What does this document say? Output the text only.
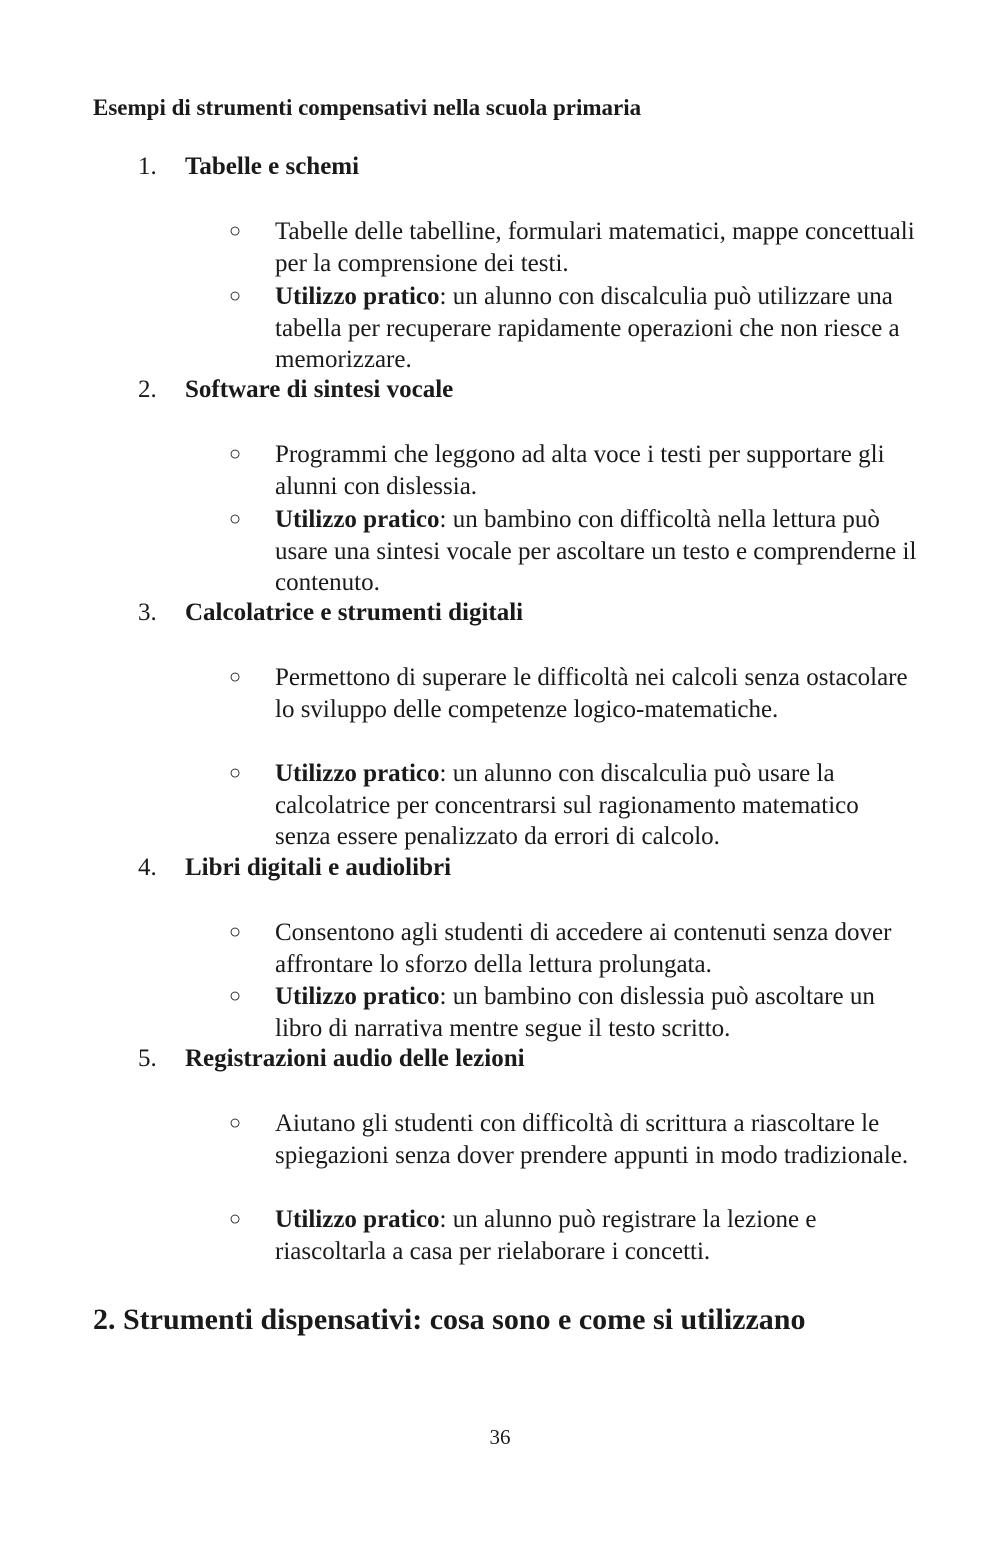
Esempi di strumenti compensativi nella scuola primaria
1. Tabelle e schemi
○ Tabelle delle tabelline, formulari matematici, mappe concettuali per la comprensione dei testi.
○ Utilizzo pratico: un alunno con discalculia può utilizzare una tabella per recuperare rapidamente operazioni che non riesce a memorizzare.
2. Software di sintesi vocale
○ Programmi che leggono ad alta voce i testi per supportare gli alunni con dislessia.
○ Utilizzo pratico: un bambino con difficoltà nella lettura può usare una sintesi vocale per ascoltare un testo e comprenderne il contenuto.
3. Calcolatrice e strumenti digitali
○ Permettono di superare le difficoltà nei calcoli senza ostacolare lo sviluppo delle competenze logico-matematiche.
○ Utilizzo pratico: un alunno con discalculia può usare la calcolatrice per concentrarsi sul ragionamento matematico senza essere penalizzato da errori di calcolo.
4. Libri digitali e audiolibri
○ Consentono agli studenti di accedere ai contenuti senza dover affrontare lo sforzo della lettura prolungata.
○ Utilizzo pratico: un bambino con dislessia può ascoltare un libro di narrativa mentre segue il testo scritto.
5. Registrazioni audio delle lezioni
○ Aiutano gli studenti con difficoltà di scrittura a riascoltare le spiegazioni senza dover prendere appunti in modo tradizionale.
○ Utilizzo pratico: un alunno può registrare la lezione e riascoltarla a casa per rielaborare i concetti.
2. Strumenti dispensativi: cosa sono e come si utilizzano
36
